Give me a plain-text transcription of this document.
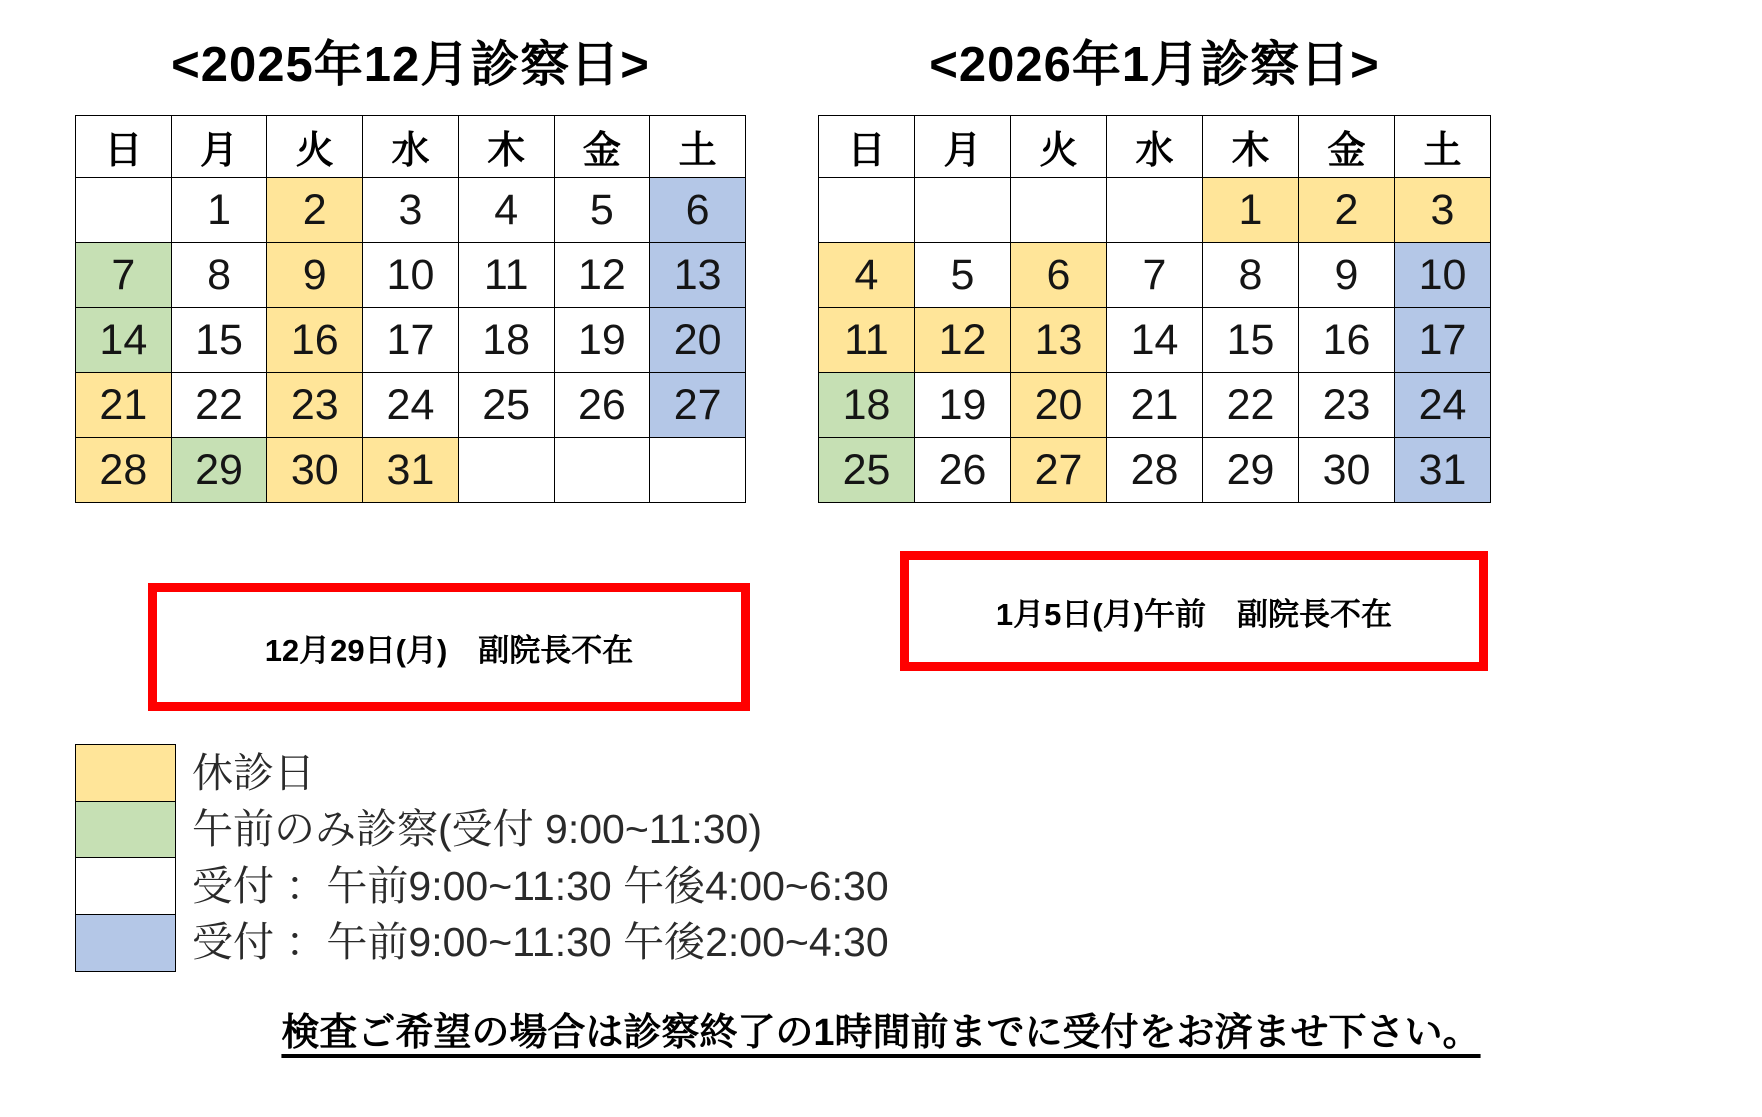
<2025年12月診察日>	<2026年1月診察日>
日	月	火	水	木	金	土
	1	2	3	4	5	6
7	8	9	10	11	12	13
14	15	16	17	18	19	20
21	22	23	24	25	26	27
28	29	30	31			
日	月	火	水	木	金	土
				1	2	3
4	5	6	7	8	9	10
11	12	13	14	15	16	17
18	19	20	21	22	23	24
25	26	27	28	29	30	31
12月29日(月)　副院長不在
1月5日(月)午前　副院長不在
休診日
午前のみ診察(受付 9:00~11:30)
受付 ：午前9:00~11:30 午後4:00~6:30
受付 ：午前9:00~11:30 午後2:00~4:30
検査ご希望の場合は診察終了の1時間前までに受付をお済ませ下さい。
